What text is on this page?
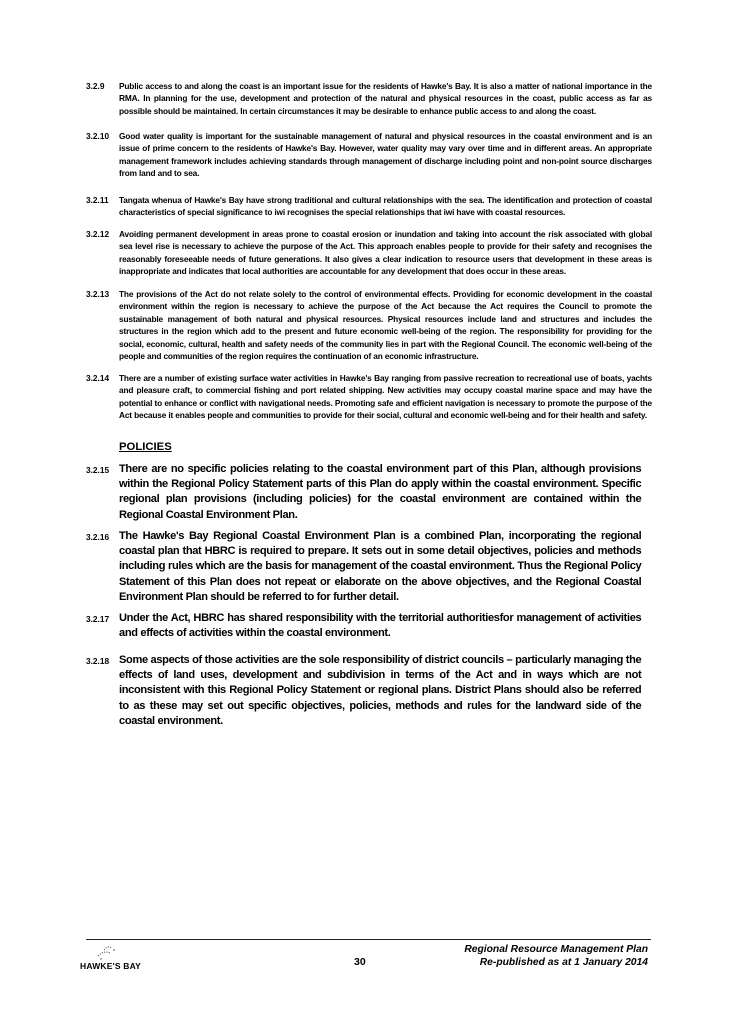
3.2.9	Public access to and along the coast is an important issue for the residents of Hawke's Bay. It is also a matter of national importance in the RMA. In planning for the use, development and protection of the natural and physical resources in the coast, public access as far as possible should be maintained. In certain circumstances it may be desirable to enhance public access to and along the coast.
3.2.10	Good water quality is important for the sustainable management of natural and physical resources in the coastal environment and is an issue of prime concern to the residents of Hawke's Bay. However, water quality may vary over time and in different areas. An appropriate management framework includes achieving standards through management of discharge including point and non-point source discharges from land and to sea.
3.2.11	Tangata whenua of Hawke's Bay have strong traditional and cultural relationships with the sea. The identification and protection of coastal characteristics of special significance to iwi recognises the special relationships that iwi have with coastal resources.
3.2.12	Avoiding permanent development in areas prone to coastal erosion or inundation and taking into account the risk associated with global sea level rise is necessary to achieve the purpose of the Act. This approach enables people to provide for their safety and recognises the reasonably foreseeable needs of future generations. It also gives a clear indication to resource users that development in these areas is inappropriate and indicates that local authorities are accountable for any development that does occur in these areas.
3.2.13	The provisions of the Act do not relate solely to the control of environmental effects. Providing for economic development in the coastal environment within the region is necessary to achieve the purpose of the Act because the Act requires the Council to promote the sustainable management of both natural and physical resources. Physical resources include land and structures and includes the structures in the region which add to the present and future economic well-being of the region. The responsibility for providing for the social, economic, cultural, health and safety needs of the community lies in part with the Regional Council. The economic well-being of the people and communities of the region requires the continuation of an economic infrastructure.
3.2.14	There are a number of existing surface water activities in Hawke's Bay ranging from passive recreation to recreational use of boats, yachts and pleasure craft, to commercial fishing and port related shipping. New activities may occupy coastal marine space and may have the potential to enhance or conflict with navigational needs. Promoting safe and efficient navigation is necessary to promote the purpose of the Act because it enables people and communities to provide for their social, cultural and economic well-being and for their health and safety.
POLICIES
3.2.15 There are no specific policies relating to the coastal environment part of this Plan, although provisions within the Regional Policy Statement parts of this Plan do apply within the coastal environment. Specific regional plan provisions (including policies) for the coastal environment are contained within the Regional Coastal Environment Plan.
3.2.16 The Hawke's Bay Regional Coastal Environment Plan is a combined Plan, incorporating the regional coastal plan that HBRC is required to prepare. It sets out in some detail objectives, policies and methods including rules which are the basis for management of the coastal environment. Thus the Regional Policy Statement of this Plan does not repeat or elaborate on the above objectives, and the Regional Coastal Environment Plan should be referred to for further detail.
3.2.17 Under the Act, HBRC has shared responsibility with the territorial authoritiesfor management of activities and effects of activities within the coastal environment.
3.2.18 Some aspects of those activities are the sole responsibility of district councils – particularly managing the effects of land uses, development and subdivision in terms of the Act and in ways which are not inconsistent with this Regional Policy Statement or regional plans. District Plans should also be referred to as these may set out specific objectives, policies, methods and rules for the landward side of the coastal environment.
HAWKE'S BAY	30
Regional Resource Management Plan
Re-published as at 1 January 2014
